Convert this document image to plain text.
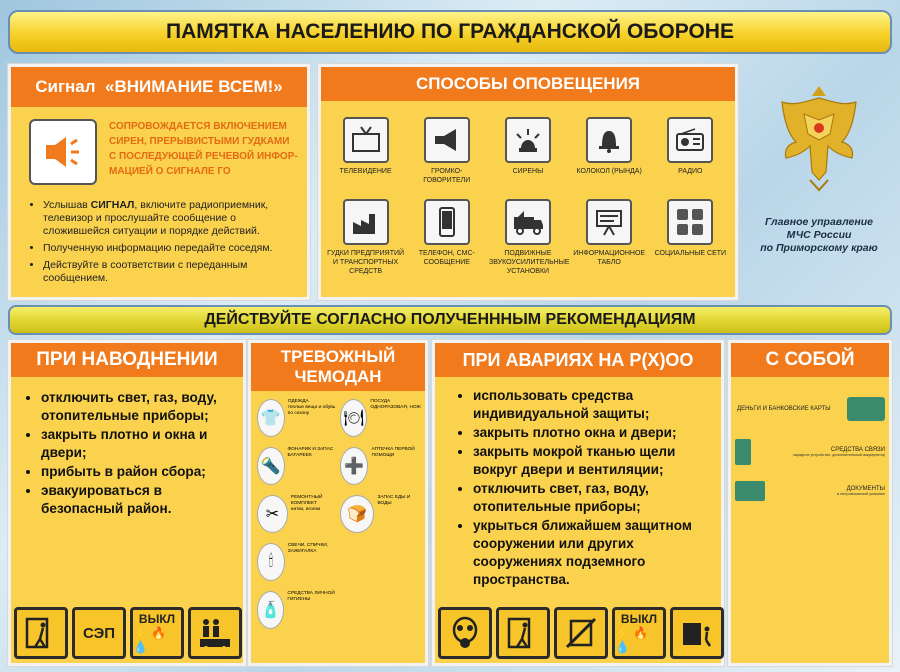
ПАМЯТКА НАСЕЛЕНИЮ ПО ГРАЖДАНСКОЙ ОБОРОНЕ
Сигнал
«ВНИМАНИЕ ВСЕМ!»
СОПРОВОЖДАЕТСЯ ВКЛЮЧЕНИЕМ СИРЕН, ПРЕРЫВИСТЫМИ ГУДКАМИ С ПОСЛЕДУЮЩЕЙ РЕЧЕВОЙ ИНФОР-МАЦИЕЙ О СИГНАЛЕ ГО
• Услышав СИГНАЛ, включите радиоприемник, телевизор и прослушайте сообщение о сложившейся ситуации и порядке действий.
• Полученную информацию передайте соседям.
• Действуйте в соответствии с переданным сообщением.
СПОСОБЫ ОПОВЕЩЕНИЯ
ТЕЛЕВИДЕНИЕ	ГРОМКО-ГОВОРИТЕЛИ
СИРЕНЫ	КОЛОКОЛ (РЫНДА)	РАДИО
ГУДКИ ПРЕДПРИЯТИЙ И ТРАНСПОРТНЫХ СРЕДСТВ
ТЕЛЕФОН, СМС-СООБЩЕНИЕ
ПОДВИЖНЫЕ ЗВУКОУСИЛИТЕЛЬНЫЕ УСТАНОВКИ
ИНФОРМАЦИОННОЕ ТАБЛО
СОЦИАЛЬНЫЕ СЕТИ
Главное управление
МЧС России
по Приморскому краю
ДЕЙСТВУЙТЕ СОГЛАСНО ПОЛУЧЕНННЫМ РЕКОМЕНДАЦИЯМ
ПРИ НАВОДНЕНИИ
• отключить свет, газ, воду, отопительные приборы;
• закрыть плотно и окна и двери;
• прибыть в район сбора;
• эвакуироваться в безопасный район.
СЭП
ВЫКЛ
⚡ 🔥 💧
ТРЕВОЖНЫЙ
ЧЕМОДАН
👕
ОДЕЖДА
теплые вещи и обувь по сезону	🍽
ПОСУДА ОДНОРАЗОВАЯ, НОЖ
🔦
ФОНАРИК И ЗАПАС БАТАРЕЕК
➕
АПТЕЧКА ПЕРВОЙ ПОМОЩИ
✂
РЕМОНТНЫЙ КОМПЛЕКТ
нитки, иголки	🍞
ЗАПАС ЕДЫ И ВОДЫ
🕯
СВЕЧИ, СПИЧКИ, ЗАЖИГАЛКА
🧴
СРЕДСТВА ЛИЧНОЙ ГИГИЕНЫ
ПРИ АВАРИЯХ НА Р(Х)ОО
• использовать средства индивидуальной защиты;
• закрыть плотно окна и двери;
• закрыть мокрой тканью щели вокруг двери и вентиляции;
• отключить свет, газ, воду, отопительные приборы;
• укрыться ближайшем защитном сооружении или других сооружениях подземного пространства.
ВЫКЛ
⚡ 🔥 💧
С СОБОЙ
ДЕНЬГИ И БАНКОВСКИЕ КАРТЫ
СРЕДСТВА СВЯЗИ
зарядное устройство, дополнительный аккумулятор
ДОКУМЕНТЫ
в непромокаемой упаковке
